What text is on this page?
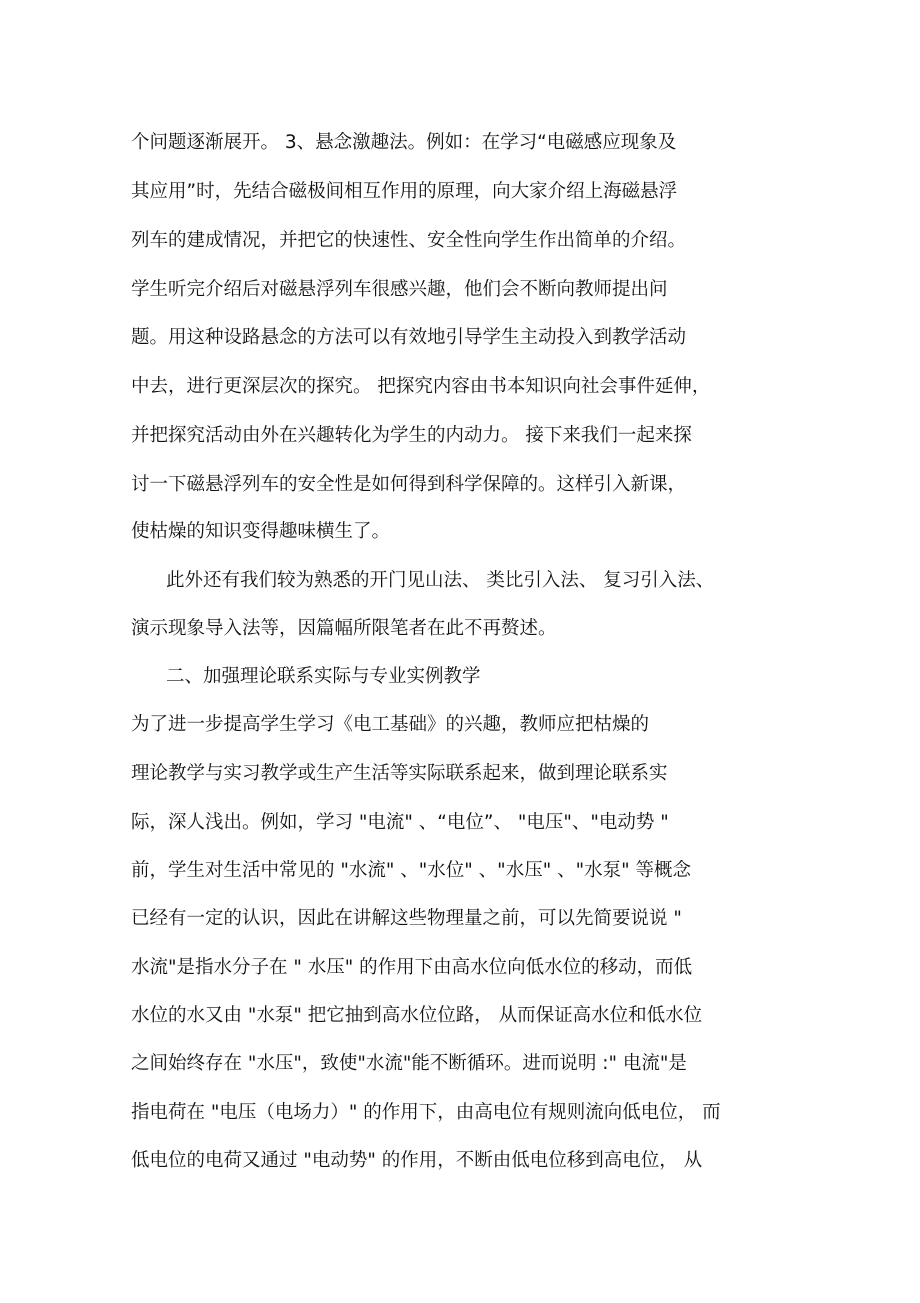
个问题逐渐展开。 3、悬念激趣法。例如：在学习“电磁感应现象及
其应用”时，先结合磁极间相互作用的原理，向大家介绍上海磁悬浮
列车的建成情况，并把它的快速性、安全性向学生作出简单的介绍。
学生听完介绍后对磁悬浮列车很感兴趣，他们会不断向教师提出问
题。用这种设路悬念的方法可以有效地引导学生主动投入到教学活动
中去，进行更深层次的探究。 把探究内容由书本知识向社会事件延伸，
并把探究活动由外在兴趣转化为学生的内动力。 接下来我们一起来探
讨一下磁悬浮列车的安全性是如何得到科学保障的。这样引入新课，
使枯燥的知识变得趣味横生了。
此外还有我们较为熟悉的开门见山法、 类比引入法、 复习引入法、
演示现象导入法等，因篇幅所限笔者在此不再赘述。
二、加强理论联系实际与专业实例教学
为了进一步提高学生学习《电工基础》的兴趣，教师应把枯燥的
理论教学与实习教学或生产生活等实际联系起来，做到理论联系实
际，深人浅出。例如，学习 "电流" 、“电位”、 "电压"、"电动势 "
前，学生对生活中常见的 "水流" 、"水位" 、"水压" 、"水泵" 等概念
已经有一定的认识，因此在讲解这些物理量之前，可以先简要说说 "
水流"是指水分子在 " 水压" 的作用下由高水位向低水位的移动，而低
水位的水又由 "水泵" 把它抽到高水位位路， 从而保证高水位和低水位
之间始终存在 "水压"，致使"水流"能不断循环。进而说明 :" 电流"是
指电荷在 "电压（电场力）" 的作用下，由高电位有规则流向低电位， 而
低电位的电荷又通过 "电动势" 的作用，不断由低电位移到高电位， 从
